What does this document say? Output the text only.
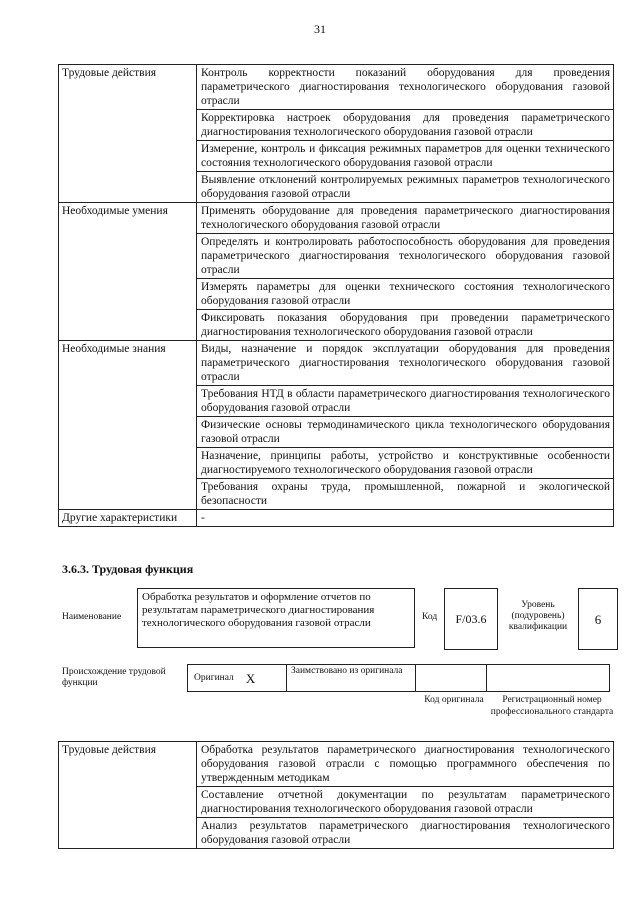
31
Трудовые действия	Контроль корректности показаний оборудования для проведения параметрического диагностирования технологического оборудования газовой отрасли
	Корректировка настроек оборудования для проведения параметрического диагностирования технологического оборудования газовой отрасли
	Измерение, контроль и фиксация режимных параметров для оценки технического состояния технологического оборудования газовой отрасли
	Выявление отклонений контролируемых режимных параметров технологического оборудования газовой отрасли
Необходимые умения	Применять оборудование для проведения параметрического диагностирования технологического оборудования газовой отрасли
	Определять и контролировать работоспособность оборудования для проведения параметрического диагностирования технологического оборудования газовой отрасли
	Измерять параметры для оценки технического состояния технологического оборудования газовой отрасли
	Фиксировать показания оборудования при проведении параметрического диагностирования технологического оборудования газовой отрасли
Необходимые знания	Виды, назначение и порядок эксплуатации оборудования для проведения параметрического диагностирования технологического оборудования газовой отрасли
	Требования НТД в области параметрического диагностирования технологического оборудования газовой отрасли
	Физические основы термодинамического цикла технологического оборудования газовой отрасли
	Назначение, принципы работы, устройство и конструктивные особенности диагностируемого технологического оборудования газовой отрасли
	Требования охраны труда, промышленной, пожарной и экологической безопасности
Другие характеристики	-
3.6.3. Трудовая функция
Наименование
Обработка результатов и оформление отчетов по результатам параметрического диагностирования технологического оборудования газовой отрасли	Код	F/03.6
Уровень (подуровень) квалификации
6
Происхождение трудовой функции
Оригинал X	Заимствовано из оригинала
Код оригинала	Регистрационный номер профессионального стандарта
Трудовые действия	Обработка результатов параметрического диагностирования технологического оборудования газовой отрасли с помощью программного обеспечения по утвержденным методикам
Составление отчетной документации по результатам параметрического диагностирования технологического оборудования газовой отрасли
Анализ результатов параметрического диагностирования технологического оборудования газовой отрасли
